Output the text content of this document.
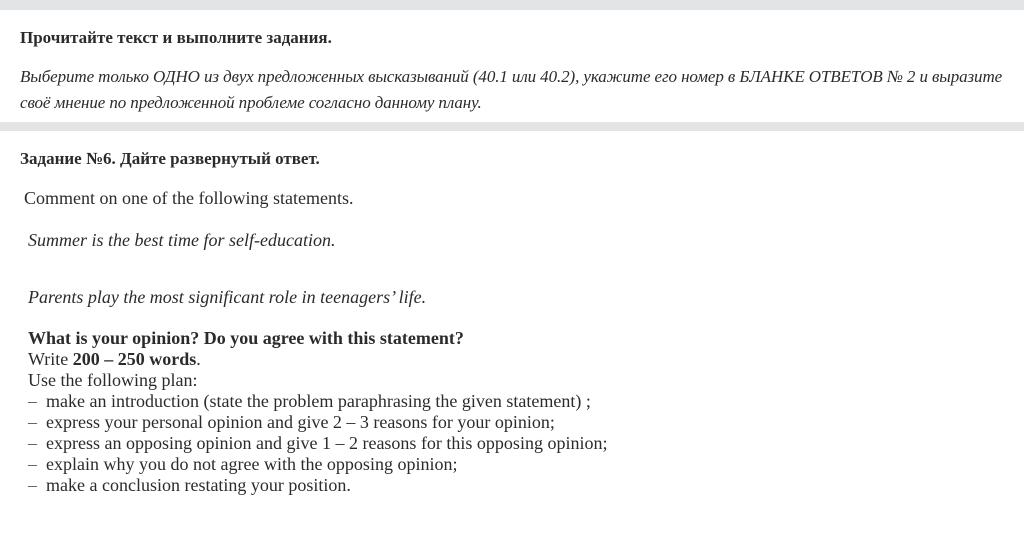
Прочитайте текст и выполните задания.

Выберите только ОДНО из двух предложенных высказываний (40.1 или 40.2), укажите его номер в БЛАНКЕ ОТВЕТОВ № 2 и выразите своё мнение по предложенной проблеме согласно данному плану.

Задание №6. Дайте развернутый ответ.

Comment on one of the following statements.

Summer is the best time for self-education.

Parents play the most significant role in teenagers’ life.

What is your opinion? Do you agree with this statement?

Write 200 – 250 words.

Use the following plan:

– make an introduction (state the problem paraphrasing the given statement) ;
– express your personal opinion and give 2 – 3 reasons for your opinion;
– express an opposing opinion and give 1 – 2 reasons for this opposing opinion;
– explain why you do not agree with the opposing opinion;
– make a conclusion restating your position.
